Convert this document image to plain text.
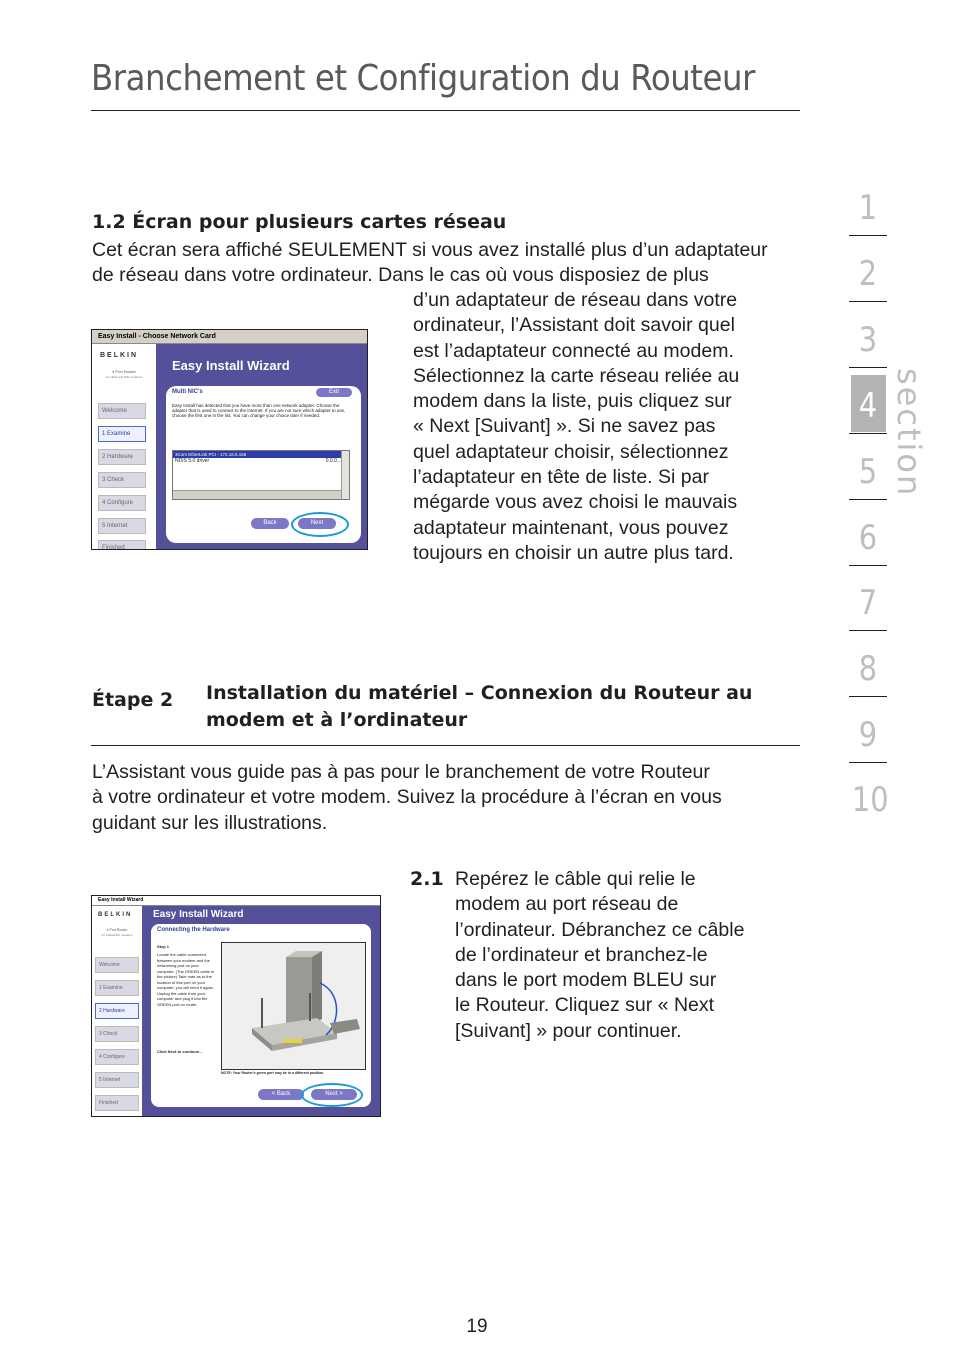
Branchement et Configuration du Routeur
section
1
2
3
4
5
6
7
8
9
10
1.2 Écran pour plusieurs cartes réseau
Cet écran sera affiché SEULEMENT si vous avez installé plus d’un adaptateur
de réseau dans votre ordinateur. Dans le cas où vous disposiez de plus
d’un adaptateur de réseau dans votre
ordinateur, l’Assistant doit savoir quel
est l’adaptateur connecté au modem.
Sélectionnez la carte réseau reliée au
modem dans la liste, puis cliquez sur
« Next [Suivant] ». Si ne savez pas
quel adaptateur choisir, sélectionnez
l’adaptateur en tête de liste. Si par
mégarde vous avez choisi le mauvais
adaptateur maintenant, vous pouvez
toujours en choisir un autre plus tard.
Easy Install - Choose Network Card
BELKIN
4 Port Router
for cable and DSL modems
Welcome
1 Examine
2 Hardware
3 Check
4 Configure
5 Internet
Finished
Easy Install Wizard
Multi NIC's	Exit
Easy Install has detected that you have more than one network adapter. Choose the adapter that is used to connect to the Internet. If you are not sure which adapter to use, choose the first one in the list. You can change your choice later if needed.
3Com EtherLink PCI - 172.16.5.155
NDIS 5.0 driver	0.0.0...
Back	Next
Étape 2 Installation du matériel – Connexion du Routeur au
modem et à l’ordinateur
L’Assistant vous guide pas à pas pour le branchement de votre Routeur
à votre ordinateur et votre modem. Suivez la procédure à l’écran en vous
guidant sur les illustrations.
2.1 Repérez le câble qui relie le
modem au port réseau de
l’ordinateur. Débranchez ce câble
de l’ordinateur et branchez-le
dans le port modem BLEU sur
le Routeur. Cliquez sur « Next
[Suivant] » pour continuer.
Easy Install Wizard
BELKIN
4 Port Router
for Cable/DSL modems
Welcome
1 Examine
2 Hardware
3 Check
4 Configure
5 Internet
Finished
Easy Install Wizard
Connecting the Hardware
Step 1
Locate the cable connected between your modem and the networking port on your computer. (The GREEN cable in the picture) Take note as to the location of this port on your computer, you will need it again. Unplug the cable from your computer and plug it into the GREEN port on router.
Click Next to continue...
NOTE: Your Router's green port may be in a different position
< Back	Next >
19
